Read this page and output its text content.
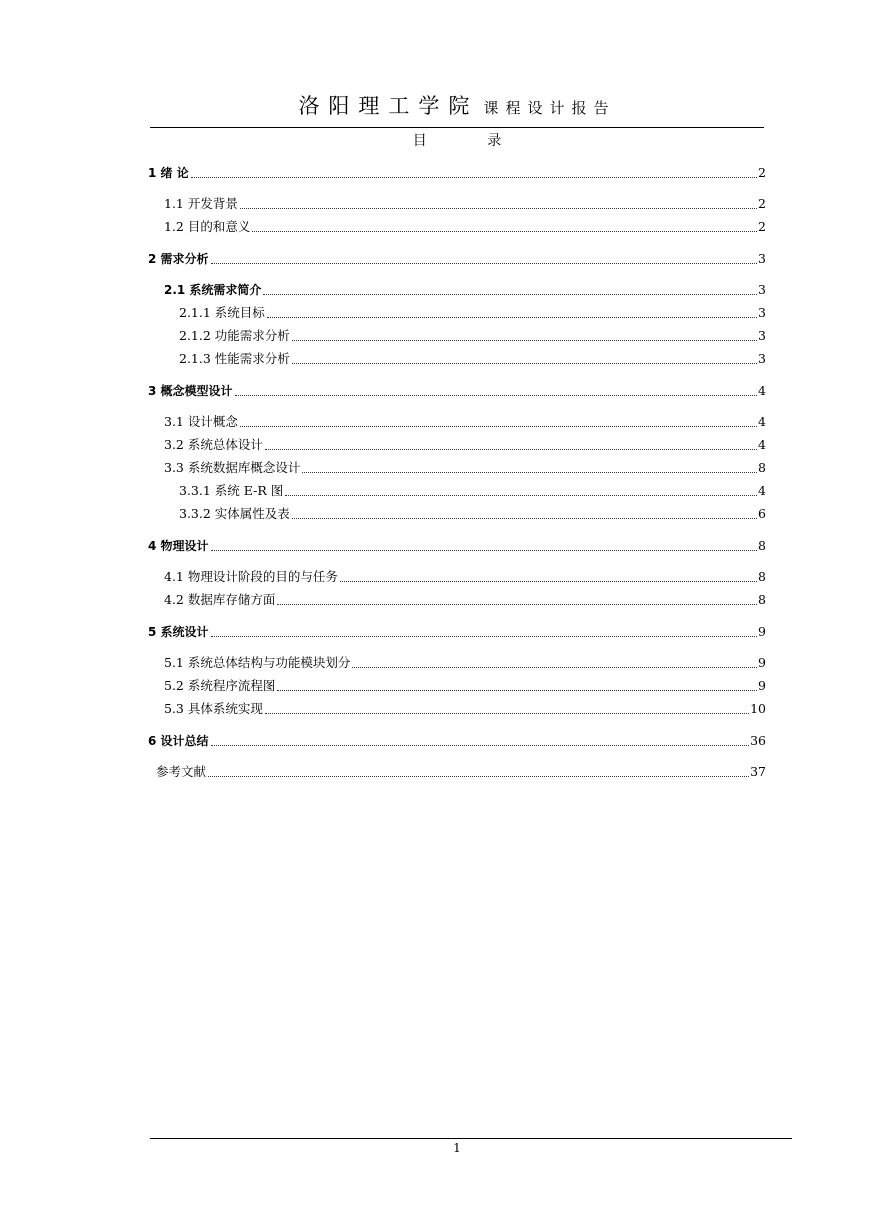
洛阳理工学院 课程设计报告
目 录
1 绪 论	2
1.1 开发背景	2
1.2 目的和意义	2
2 需求分析	3
2.1 系统需求简介	3
2.1.1 系统目标	3
2.1.2 功能需求分析	3
2.1.3 性能需求分析	3
3 概念模型设计	4
3.1 设计概念	4
3.2 系统总体设计	4
3.3 系统数据库概念设计	8
3.3.1 系统 E-R 图	4
3.3.2 实体属性及表	6
4 物理设计	8
4.1 物理设计阶段的目的与任务	8
4.2 数据库存储方面	8
5 系统设计	9
5.1 系统总体结构与功能模块划分	9
5.2 系统程序流程图	9
5.3 具体系统实现	10
6 设计总结	36
参考文献	37
1
